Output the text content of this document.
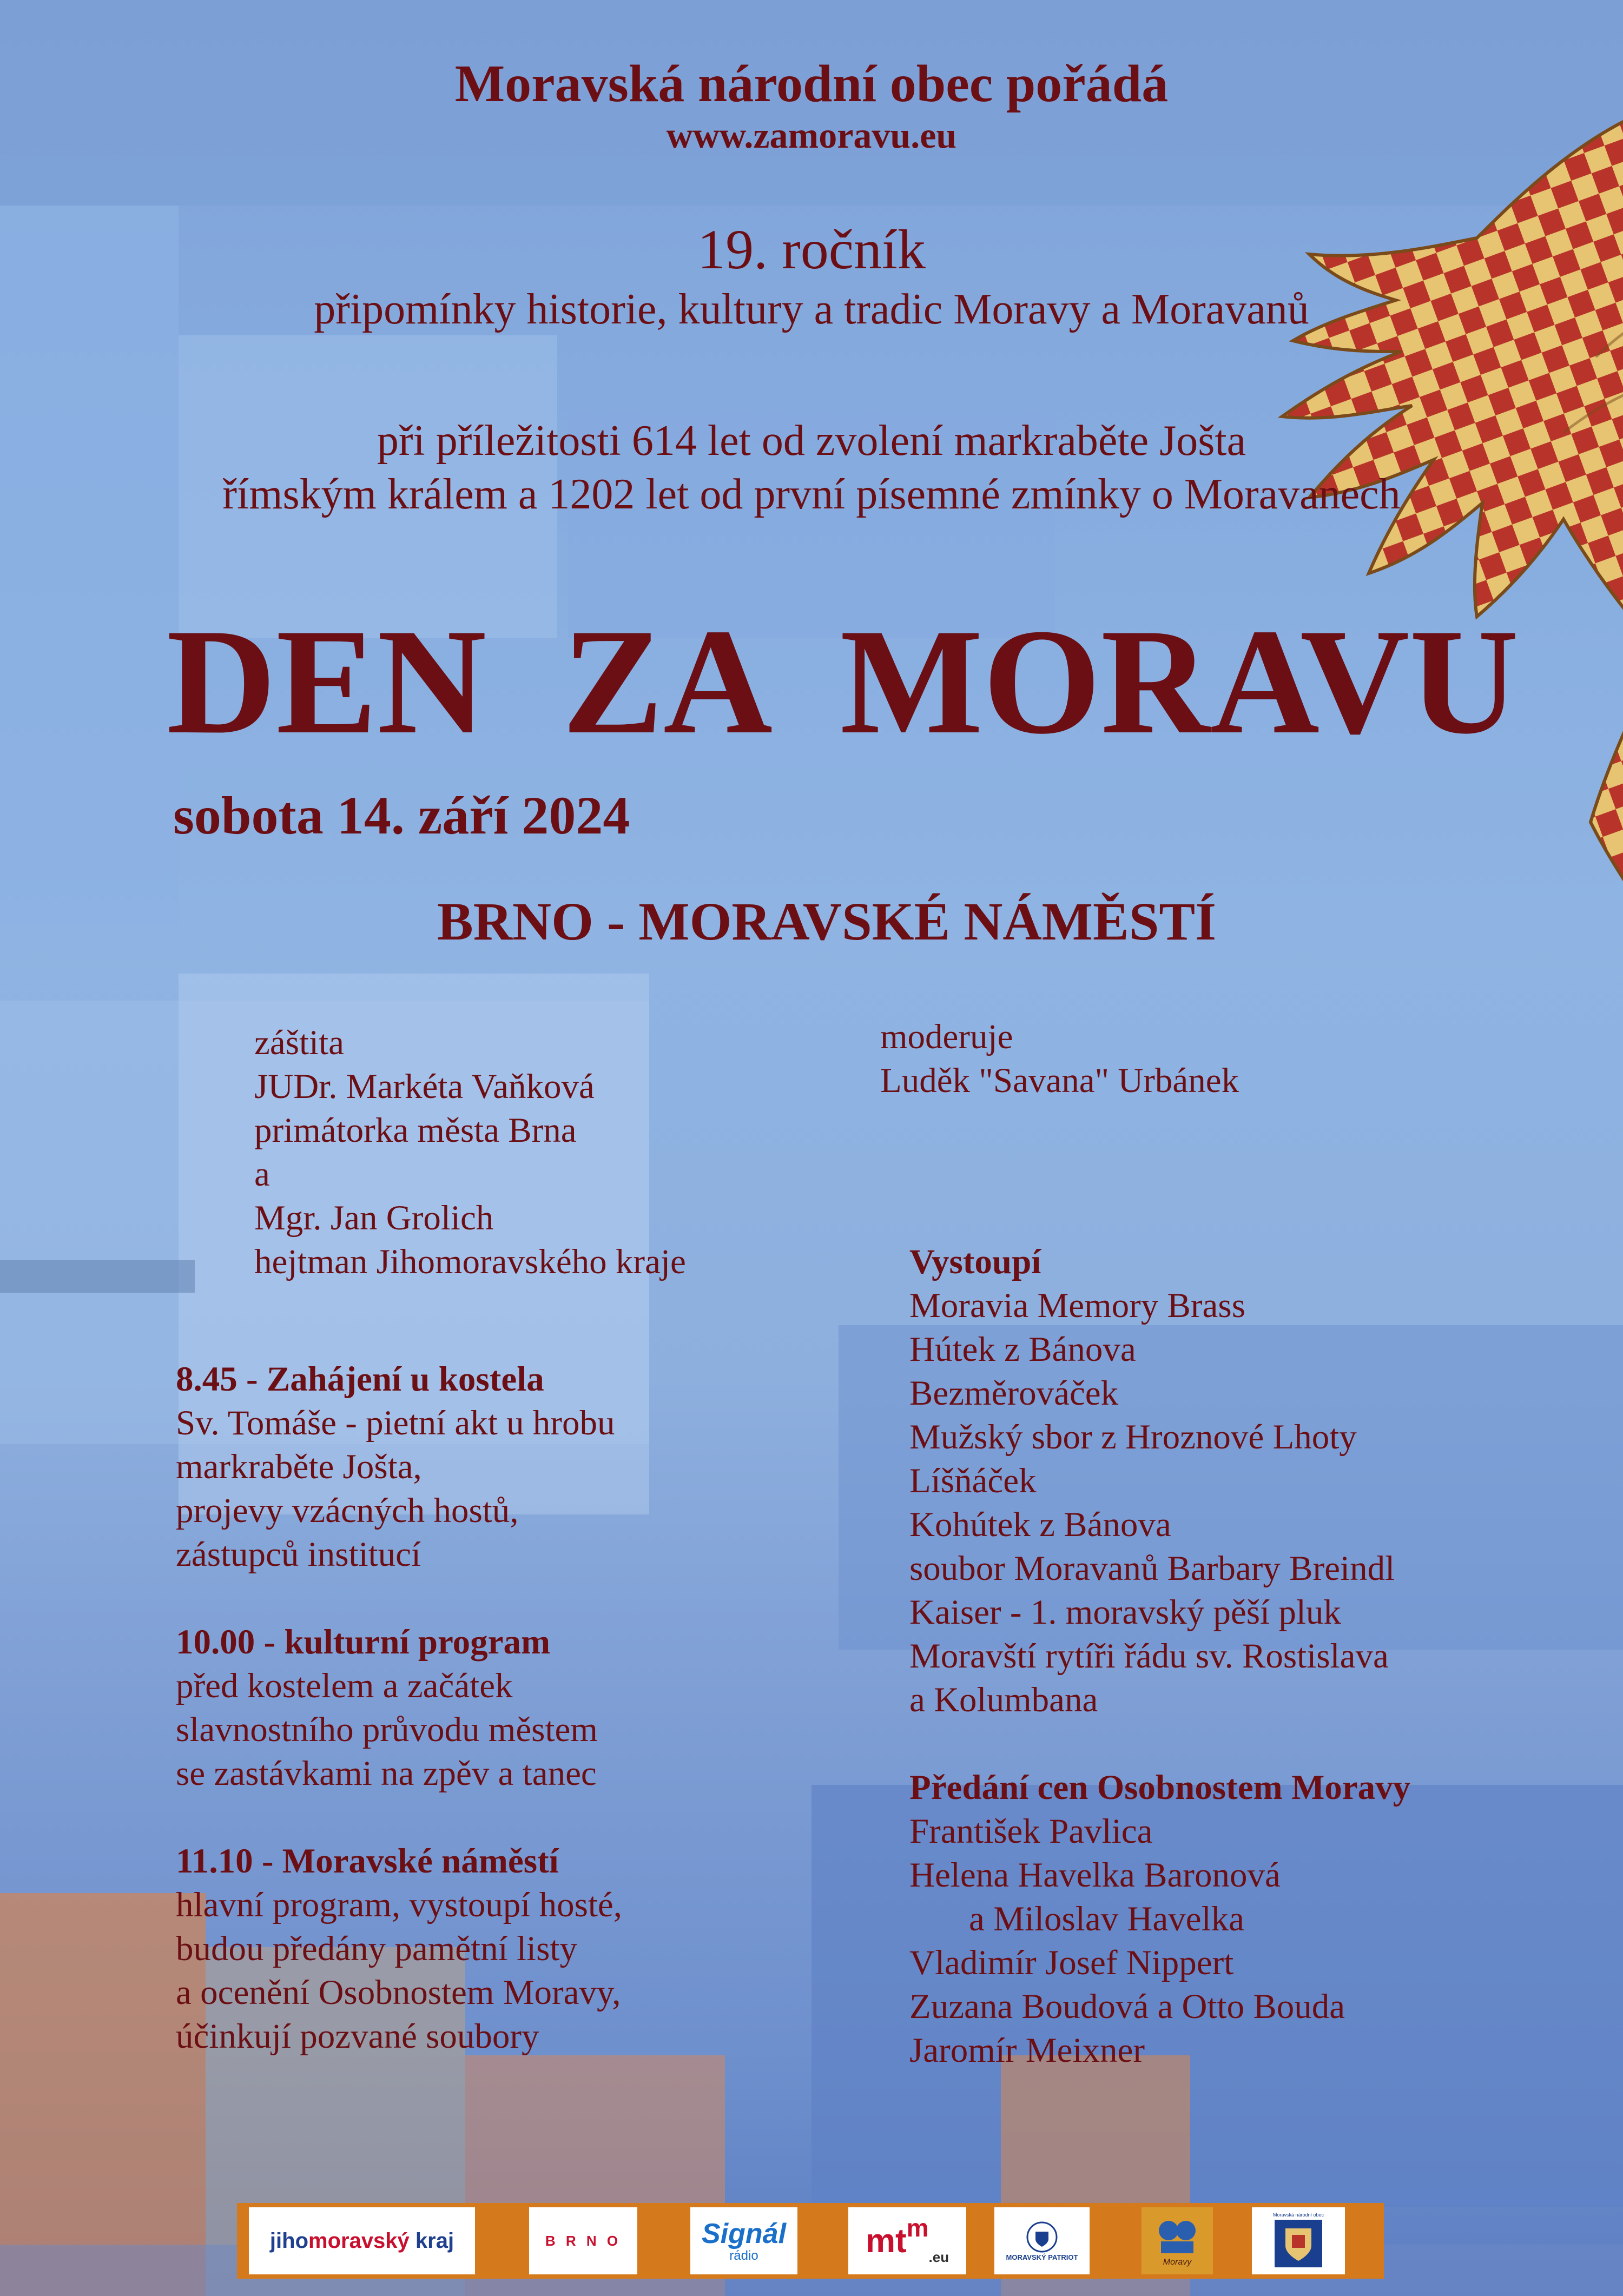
Moravská národní obec pořádá
www.zamoravu.eu
19. ročník
připomínky historie, kultury a tradic Moravy a Moravanů
při příležitosti 614 let od zvolení markraběte Jošta
římským králem a 1202 let od první písemné zmínky o Moravanech
DEN  ZA  MORAVU
sobota 14. září 2024
BRNO - MORAVSKÉ NÁMĚSTÍ
záštita
JUDr. Markéta Vaňková
primátorka města Brna
a
Mgr. Jan Grolich
hejtman Jihomoravského kraje
moderuje
Luděk "Savana" Urbánek
8.45 - Zahájení u kostela
Sv. Tomáše - pietní akt u hrobu
markraběte Jošta,
projevy vzácných hostů,
zástupců institucí
10.00 - kulturní program
před kostelem a začátek
slavnostního průvodu městem
se zastávkami na zpěv a tanec
11.10 - Moravské náměstí
hlavní program, vystoupí hosté,
budou předány pamětní listy
a ocenění Osobnostem Moravy,
účinkují pozvané soubory
Vystoupí
Moravia Memory Brass
Hútek z Bánova
Bezměrováček
Mužský sbor z Hroznové Lhoty
Líšňáček
Kohútek z Bánova
soubor Moravanů Barbary Breindl
Kaiser - 1. moravský pěší pluk
Moravští rytíři řádu sv. Rostislava
a Kolumbana
Předání cen Osobnostem Moravy
František Pavlica
Helena Havelka Baronová
a Miloslav Havelka
Vladimír Josef Nippert
Zuzana Boudová a Otto Bouda
Jaromír Meixner
jiho moravský kraj	B R N O	Signál
rádio	mt m
.eu	MORAVSKÝ PATRIOT
Moravy
Moravská národní obec
